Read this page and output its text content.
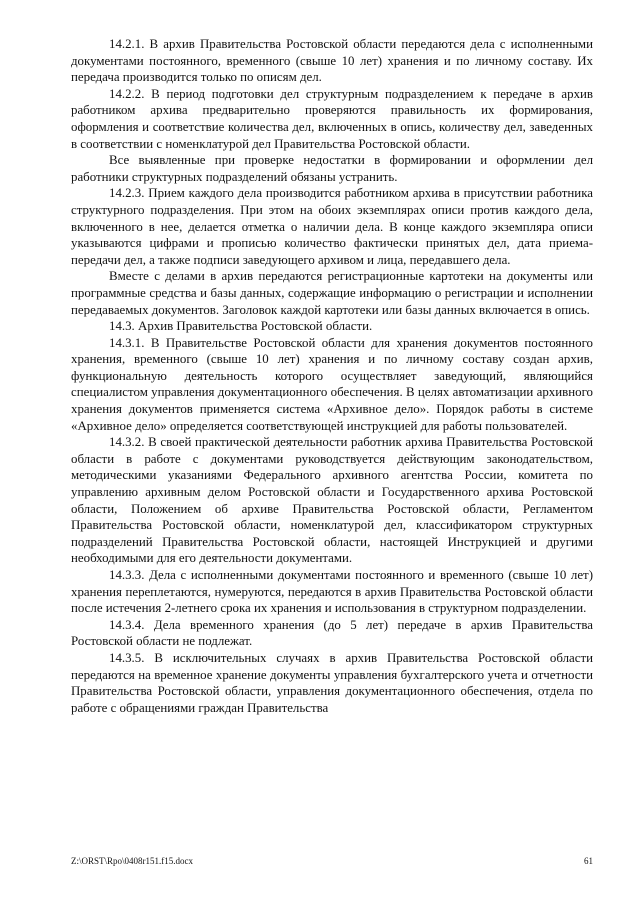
14.2.1. В архив Правительства Ростовской области передаются дела с исполненными документами постоянного, временного (свыше 10 лет) хранения и по личному составу. Их передача производится только по описям дел.

14.2.2. В период подготовки дел структурным подразделением к передаче в архив работником архива предварительно проверяются правильность их формирования, оформления и соответствие количества дел, включенных в опись, количеству дел, заведенных в соответствии с номенклатурой дел Правительства Ростовской области.

Все выявленные при проверке недостатки в формировании и оформлении дел работники структурных подразделений обязаны устранить.

14.2.3. Прием каждого дела производится работником архива в присутствии работника структурного подразделения. При этом на обоих экземплярах описи против каждого дела, включенного в нее, делается отметка о наличии дела. В конце каждого экземпляра описи указываются цифрами и прописью количество фактически принятых дел, дата приема-передачи дел, а также подписи заведующего архивом и лица, передавшего дела.

Вместе с делами в архив передаются регистрационные картотеки на документы или программные средства и базы данных, содержащие информацию о регистрации и исполнении передаваемых документов. Заголовок каждой картотеки или базы данных включается в опись.

14.3. Архив Правительства Ростовской области.

14.3.1. В Правительстве Ростовской области для хранения документов постоянного хранения, временного (свыше 10 лет) хранения и по личному составу создан архив, функциональную деятельность которого осуществляет заведующий, являющийся специалистом управления документационного обеспечения. В целях автоматизации архивного хранения документов применяется система «Архивное дело». Порядок работы в системе «Архивное дело» определяется соответствующей инструкцией для работы пользователей.

14.3.2. В своей практической деятельности работник архива Правительства Ростовской области в работе с документами руководствуется действующим законодательством, методическими указаниями Федерального архивного агентства России, комитета по управлению архивным делом Ростовской области и Государственного архива Ростовской области, Положением об архиве Правительства Ростовской области, Регламентом Правительства Ростовской области, номенклатурой дел, классификатором структурных подразделений Правительства Ростовской области, настоящей Инструкцией и другими необходимыми для его деятельности документами.

14.3.3. Дела с исполненными документами постоянного и временного (свыше 10 лет) хранения переплетаются, нумеруются, передаются в архив Правительства Ростовской области после истечения 2-летнего срока их хранения и использования в структурном подразделении.

14.3.4. Дела временного хранения (до 5 лет) передаче в архив Правительства Ростовской области не подлежат.

14.3.5. В исключительных случаях в архив Правительства Ростовской области передаются на временное хранение документы управления бухгалтерского учета и отчетности Правительства Ростовской области, управления документационного обеспечения, отдела по работе с обращениями граждан Правительства

Z:\ORST\Rpo\0408r151.f15.docx	61
